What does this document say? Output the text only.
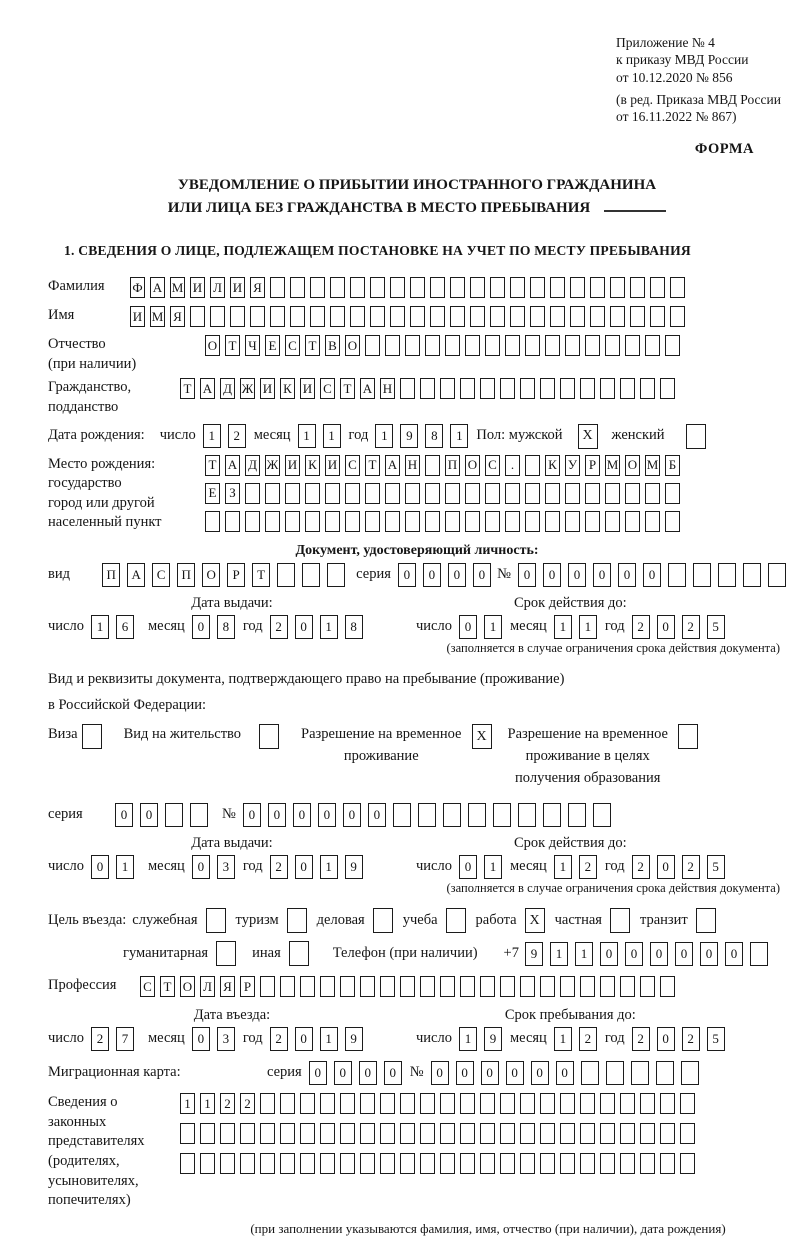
Приложение № 4
к приказу МВД России
от 10.12.2020 № 856
(в ред. Приказа МВД России
от 16.11.2022 № 867)
ФОРМА
УВЕДОМЛЕНИЕ О ПРИБЫТИИ ИНОСТРАННОГО ГРАЖДАНИНА
ИЛИ ЛИЦА БЕЗ ГРАЖДАНСТВА В МЕСТО ПРЕБЫВАНИЯ
1. СВЕДЕНИЯ О ЛИЦЕ, ПОДЛЕЖАЩЕМ ПОСТАНОВКЕ НА УЧЕТ ПО МЕСТУ ПРЕБЫВАНИЯ
Фамилия	Ф А М И Л И Я
Имя	И М Я
Отчество
(при наличии)
О Т Ч Е С Т В О
Гражданство,
подданство
Т А Д Ж И К И С Т А Н
Дата рождения: число 1	2 месяц 1	1 год 1	9	8	1 Пол: мужской	X	женский
Место рождения:
государство
город или другой
населенный пункт
Т А Д Ж И К И С Т А Н П О С	.	К У Р М О М Б
Е З
Документ, удостоверяющий личность:
вид	П	А	С	П	О	Р	Т	серия 0	0	0	0 № 0	0	0	0	0	0
Дата выдачи:
число 1	6	месяц 0	8 год 2	0	1	8
Срок действия до:
число 0	1 месяц 1	1 год 2	0	2	5
(заполняется в случае ограничения срока действия документа)
Вид и реквизиты документа, подтверждающего право на пребывание (проживание)
в Российской Федерации:
Виза	Вид на жительство	Разрешение на временное
проживание
X	Разрешение на временное
проживание в целях
получения образования
серия	0	0	№ 0	0	0	0	0	0
Дата выдачи:
число 0	1	месяц 0	3 год 2	0	1	9
Срок действия до:
число 0	1 месяц 1	2 год 2	0	2	5
(заполняется в случае ограничения срока действия документа)
Цель въезда: служебная	туризм	деловая	учеба	работа X	частная	транзит
гуманитарная	иная	Телефон (при наличии) +7 9	1	1	0	0	0	0	0	0
Профессия	С Т О Л Я Р
Дата въезда:
число 2	7	месяц 0	3 год 2	0	1	9
Срок пребывания до:
число 1	9 месяц 1	2 год 2	0	2	5
Миграционная карта:	серия 0	0	0	0 № 0	0	0	0	0	0
Сведения о
законных
представителях
(родителях,
усыновителях,
попечителях)
1	1	2	2
(при заполнении указываются фамилия, имя, отчество (при наличии), дата рождения)
